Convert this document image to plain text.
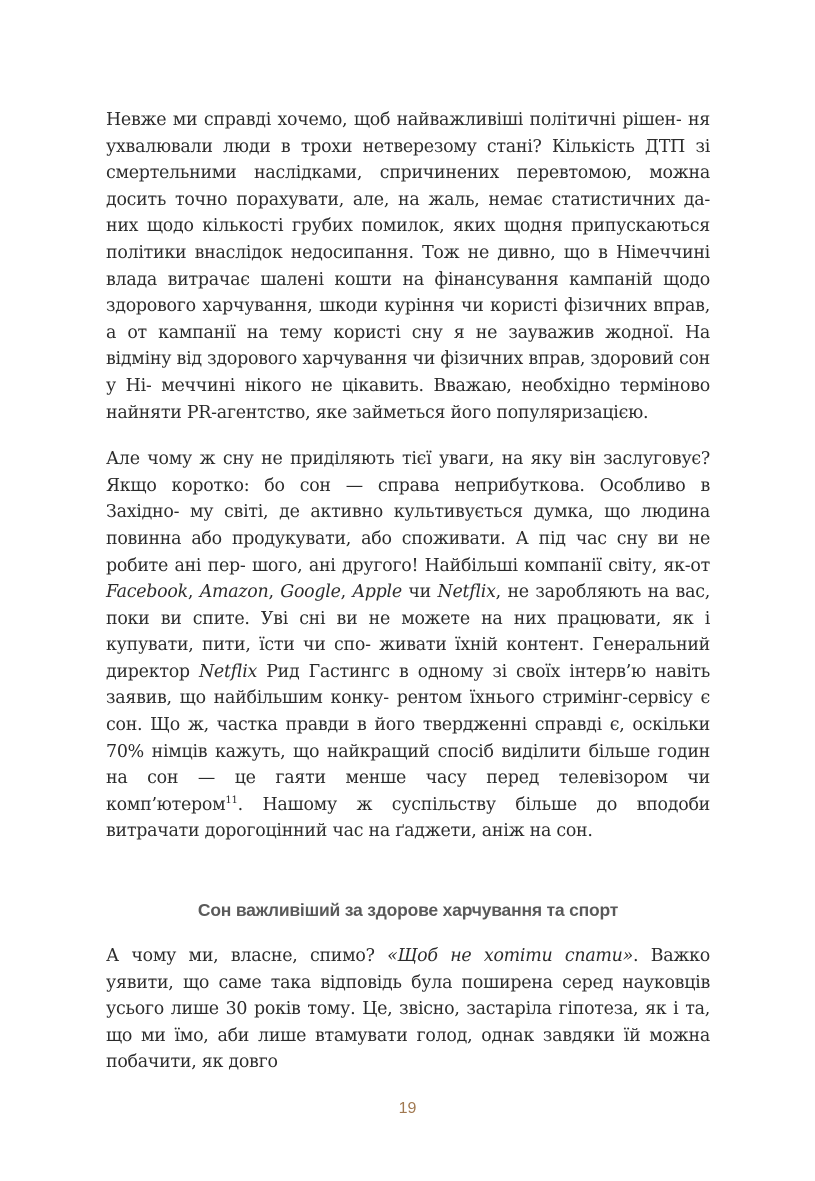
Невже ми справді хочемо, щоб найважливіші політичні рішен- ня ухвалювали люди в трохи нетверезому стані? Кількість ДТП зі смертельними наслідками, спричинених перевтомою, можна досить точно порахувати, але, на жаль, немає статистичних да- них щодо кількості грубих помилок, яких щодня припускаються політики внаслідок недосипання. Тож не дивно, що в Німеччині влада витрачає шалені кошти на фінансування кампаній щодо здорового харчування, шкоди куріння чи користі фізичних вправ, а от кампанії на тему користі сну я не зауважив жодної. На відміну від здорового харчування чи фізичних вправ, здоровий сон у Ні- меччині нікого не цікавить. Вважаю, необхідно терміново найняти PR-агентство, яке займеться його популяризацією.

Але чому ж сну не приділяють тієї уваги, на яку він заслуговує? Якщо коротко: бо сон — справа неприбуткова. Особливо в Західно- му світі, де активно культивується думка, що людина повинна або продукувати, або споживати. А під час сну ви не робите ані пер- шого, ані другого! Найбільші компанії світу, як-от Facebook, Amazon, Google, Apple чи Netflix, не заробляють на вас, поки ви спите. Уві сні ви не можете на них працювати, як і купувати, пити, їсти чи спо- живати їхній контент. Генеральний директор Netflix Рид Гастингс в одному зі своїх інтерв’ю навіть заявив, що найбільшим конку- рентом їхнього стримінг-сервісу є сон. Що ж, частка правди в його твердженні справді є, оскільки 70% німців кажуть, що найкращий спосіб виділити більше годин на сон — це гаяти менше часу перед телевізором чи комп’ютером$^{11}$. Нашому ж суспільству більше до вподоби витрачати дорогоцінний час на ґаджети, аніж на сон.

Сон важливіший за здорове харчування та спорт

А чому ми, власне, спимо? «Щоб не хотіти спати». Важко уявити, що саме така відповідь була поширена серед науковців усього лише 30 років тому. Це, звісно, застаріла гіпотеза, як і та, що ми їмо, аби лише втамувати голод, однак завдяки їй можна побачити, як довго

19
